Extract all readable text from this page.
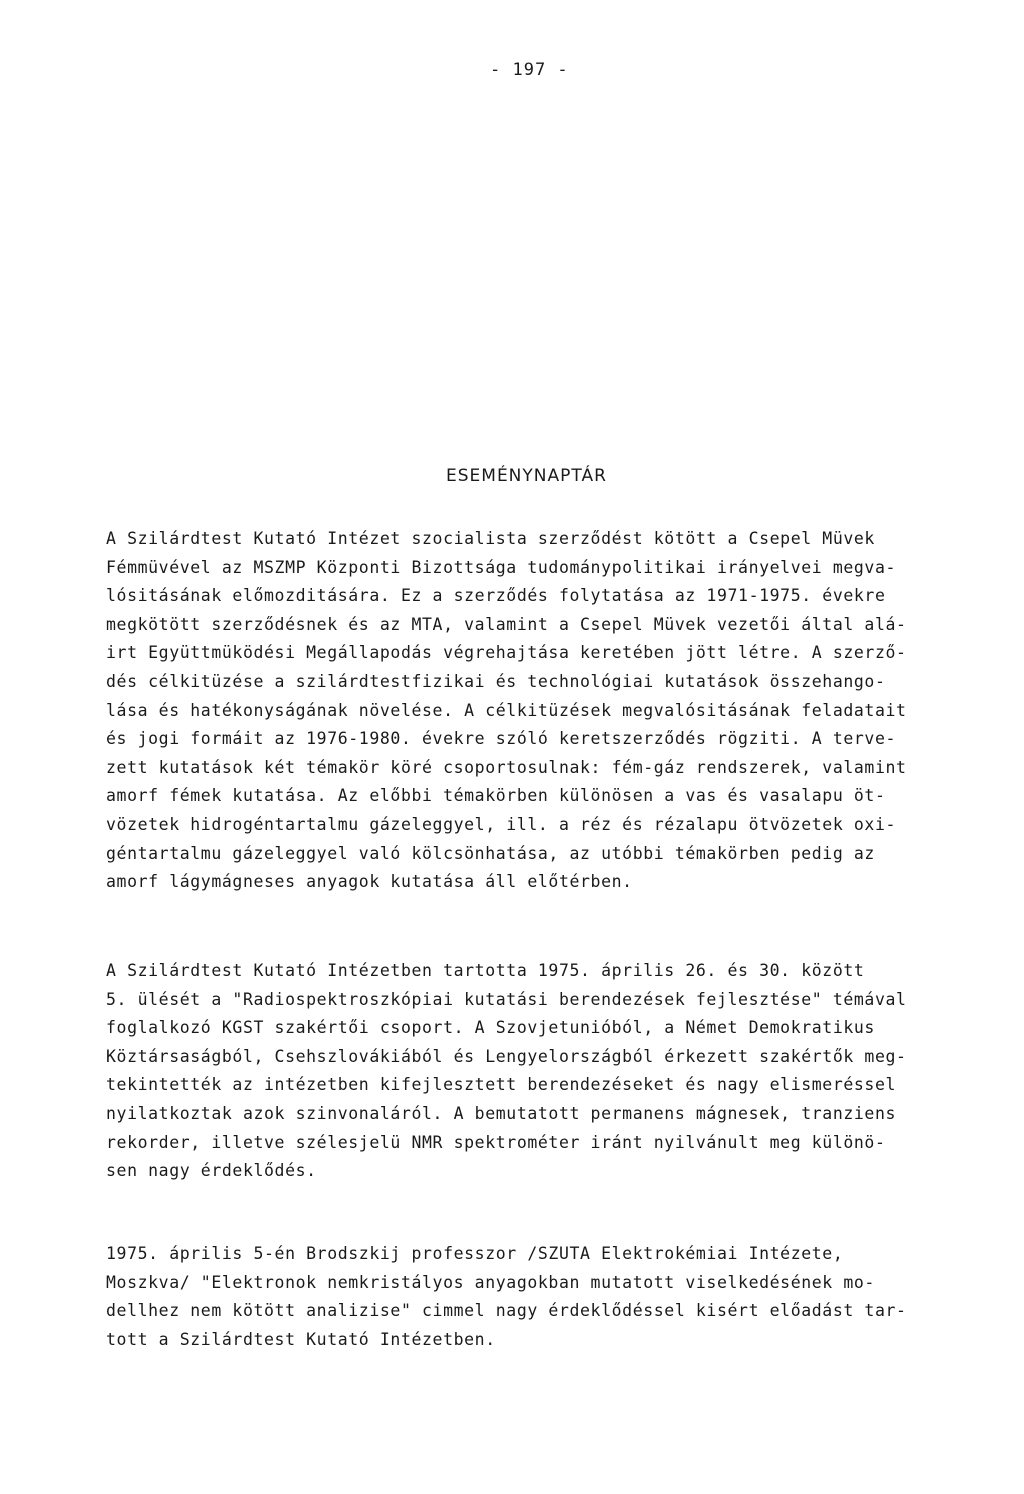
- 197 -
ESEMÉNYNAPTÁR
A Szilárdtest Kutató Intézet szocialista szerződést kötött a Csepel Müvek
Fémmüvével az MSZMP Központi Bizottsága tudománypolitikai irányelvei megva-
lósitásának előmozditására. Ez a szerződés folytatása az 1971-1975. évekre
megkötött szerződésnek és az MTA, valamint a Csepel Müvek vezetői által alá-
irt Együttmüködési Megállapodás végrehajtása keretében jött létre. A szerző-
dés célkitüzése a szilárdtestfizikai és technológiai kutatások összehango-
lása és hatékonyságának növelése. A célkitüzések megvalósitásának feladatait
és jogi formáit az 1976-1980. évekre szóló keretszerződés rögziti. A terve-
zett kutatások két témakör köré csoportosulnak: fém-gáz rendszerek, valamint
amorf fémek kutatása. Az előbbi témakörben különösen a vas és vasalapu öt-
vözetek hidrogéntartalmu gázeleggyel, ill. a réz és rézalapu ötvözetek oxi-
géntartalmu gázeleggyel való kölcsönhatása, az utóbbi témakörben pedig az
amorf lágymágneses anyagok kutatása áll előtérben.
A Szilárdtest Kutató Intézetben tartotta 1975. április 26. és 30. között
5. ülését a "Radiospektroszkópiai kutatási berendezések fejlesztése" témával
foglalkozó KGST szakértői csoport. A Szovjetunióból, a Német Demokratikus
Köztársaságból, Csehszlovákiából és Lengyelországból érkezett szakértők meg-
tekintették az intézetben kifejlesztett berendezéseket és nagy elismeréssel
nyilatkoztak azok szinvonaláról. A bemutatott permanens mágnesek, tranziens
rekorder, illetve szélesjelü NMR spektrométer iránt nyilvánult meg különö-
sen nagy érdeklődés.
1975. április 5-én Brodszkij professzor /SZUTA Elektrokémiai Intézete,
Moszkva/ "Elektronok nemkristályos anyagokban mutatott viselkedésének mo-
dellhez nem kötött analizise" cimmel nagy érdeklődéssel kisért előadást tar-
tott a Szilárdtest Kutató Intézetben.
